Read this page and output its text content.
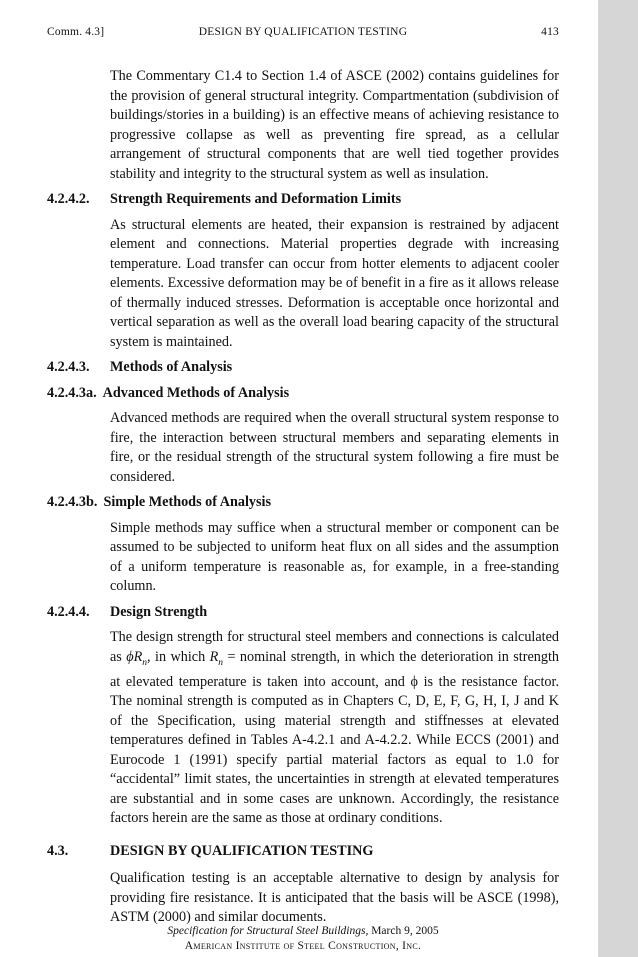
Comm. 4.3]	DESIGN BY QUALIFICATION TESTING	413

The Commentary C1.4 to Section 1.4 of ASCE (2002) contains guidelines for the provision of general structural integrity. Compartmentation (subdivision of buildings/stories in a building) is an effective means of achieving resistance to progressive collapse as well as preventing fire spread, as a cellular arrangement of structural components that are well tied together provides stability and integrity to the structural system as well as insulation.

4.2.4.2.	Strength Requirements and Deformation Limits

As structural elements are heated, their expansion is restrained by adjacent element and connections. Material properties degrade with increasing temperature. Load transfer can occur from hotter elements to adjacent cooler elements. Excessive deformation may be of benefit in a fire as it allows release of thermally induced stresses. Deformation is acceptable once horizontal and vertical separation as well as the overall load bearing capacity of the structural system is maintained.

4.2.4.3.	Methods of Analysis
4.2.4.3a. Advanced Methods of Analysis

Advanced methods are required when the overall structural system response to fire, the interaction between structural members and separating elements in fire, or the residual strength of the structural system following a fire must be considered.

4.2.4.3b. Simple Methods of Analysis

Simple methods may suffice when a structural member or component can be assumed to be subjected to uniform heat flux on all sides and the assumption of a uniform temperature is reasonable as, for example, in a free-standing column.

4.2.4.4.	Design Strength

The design strength for structural steel members and connections is calculated as $\phi R_n$, in which $R_n$ = nominal strength, in which the deterioration in strength at elevated temperature is taken into account, and ϕ is the resistance factor. The nominal strength is computed as in Chapters C, D, E, F, G, H, I, J and K of the Specification, using material strength and stiffnesses at elevated temperatures defined in Tables A-4.2.1 and A-4.2.2. While ECCS (2001) and Eurocode 1 (1991) specify partial material factors as equal to 1.0 for “accidental” limit states, the uncertainties in strength at elevated temperatures are substantial and in some cases are unknown. Accordingly, the resistance factors herein are the same as those at ordinary conditions.

4.3.	DESIGN BY QUALIFICATION TESTING

Qualification testing is an acceptable alternative to design by analysis for providing fire resistance. It is anticipated that the basis will be ASCE (1998), ASTM (2000) and similar documents.

Specification for Structural Steel Buildings, March 9, 2005
American Institute of Steel Construction, Inc.
